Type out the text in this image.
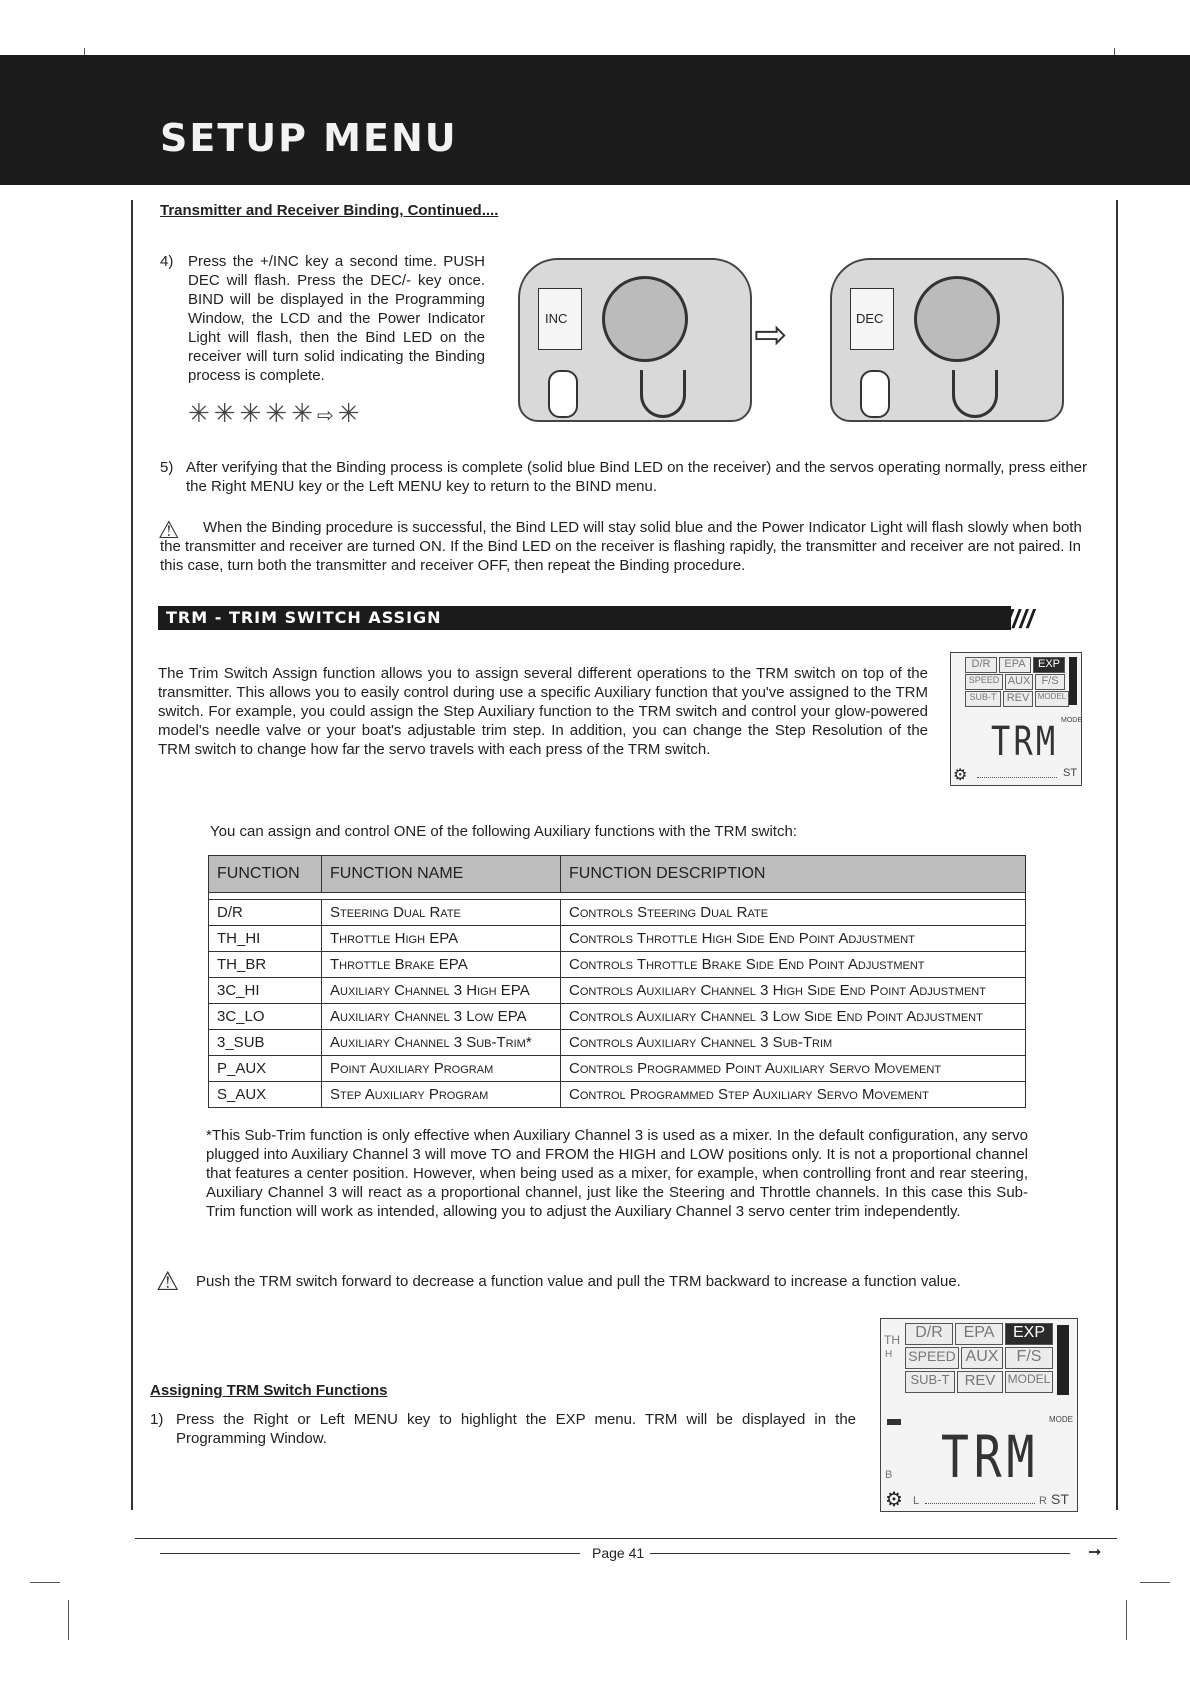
SETUP MENU
Transmitter and Receiver Binding, Continued....
4) Press the +/INC key a second time. PUSH DEC will flash. Press the DEC/- key once. BIND will be displayed in the Programming Window, the LCD and the Power Indicator Light will flash, then the Bind LED on the receiver will turn solid indicating the Binding process is complete.
✳✳✳✳✳⇨✳
INC	⇨	DEC
5) After verifying that the Binding process is complete (solid blue Bind LED on the receiver) and the servos operating normally, press either the Right MENU key or the Left MENU key to return to the BIND menu.
⚠	When the Binding procedure is successful, the Bind LED will stay solid blue and the Power Indicator Light will flash slowly when both the transmitter and receiver are turned ON. If the Bind LED on the receiver is flashing rapidly, the transmitter and receiver are not paired. In this case, turn both the transmitter and receiver OFF, then repeat the Binding procedure.
TRM - TRIM SWITCH ASSIGN	////
The Trim Switch Assign function allows you to assign several different operations to the TRM switch on top of the transmitter. This allows you to easily control during use a specific Auxiliary function that you've assigned to the TRM switch. For example, you could assign the Step Auxiliary function to the TRM switch and control your glow-powered model's needle valve or your boat's adjustable trim step. In addition, you can change the Step Resolution of the TRM switch to change how far the servo travels with each press of the TRM switch.
D/R	EPA	EXP
SPEED AUX	F/S
SUB-T REV	MODEL
MODE
TRM
⚙	ST
You can assign and control ONE of the following Auxiliary functions with the TRM switch:
FUNCTION	FUNCTION NAME	FUNCTION DESCRIPTION

D/R	Steering Dual Rate	Controls Steering Dual Rate
TH_HI	Throttle High EPA	Controls Throttle High Side End Point Adjustment
TH_BR	Throttle Brake EPA	Controls Throttle Brake Side End Point Adjustment
3C_HI	Auxiliary Channel 3 High EPA	Controls Auxiliary Channel 3 High Side End Point Adjustment
3C_LO	Auxiliary Channel 3 Low EPA	Controls Auxiliary Channel 3 Low Side End Point Adjustment
3_SUB	Auxiliary Channel 3 Sub-Trim*	Controls Auxiliary Channel 3 Sub-Trim
P_AUX	Point Auxiliary Program	Controls Programmed Point Auxiliary Servo Movement
S_AUX	Step Auxiliary Program	Control Programmed Step Auxiliary Servo Movement
*This Sub-Trim function is only effective when Auxiliary Channel 3 is used as a mixer. In the default configuration, any servo plugged into Auxiliary Channel 3 will move TO and FROM the HIGH and LOW positions only. It is not a proportional channel that features a center position. However, when being used as a mixer, for example, when controlling front and rear steering, Auxiliary Channel 3 will react as a proportional channel, just like the Steering and Throttle channels. In this case this Sub-Trim function will work as intended, allowing you to adjust the Auxiliary Channel 3 servo center trim independently.
⚠ Push the TRM switch forward to decrease a function value and pull the TRM backward to increase a function value.
Assigning TRM Switch Functions
1) Press the Right or Left MENU key to highlight the EXP menu. TRM will be displayed in the Programming Window.
TH
H
D/R	EPA	EXP
SPEED AUX	F/S
SUB-T	REV	MODEL
MODE
TRM
B
⚙ L	R ST
Page 41	➞
